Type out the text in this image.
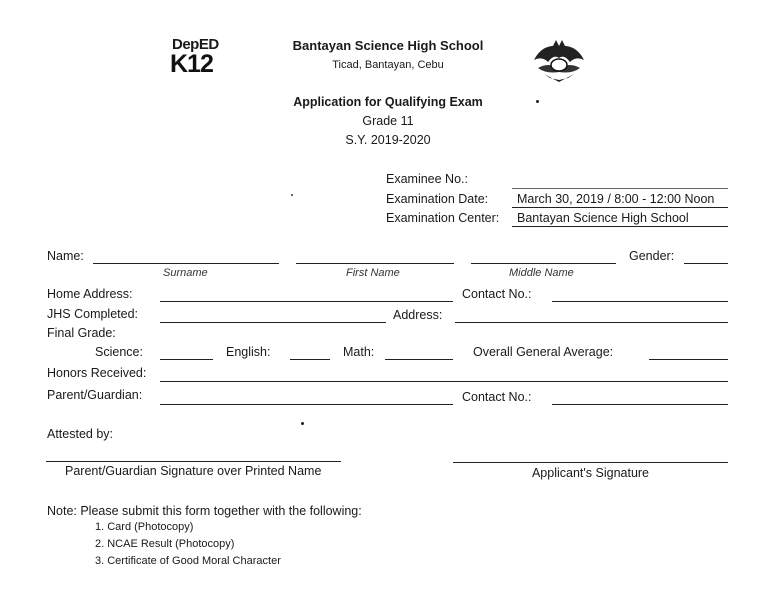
DepED
K12
Bantayan Science High School
Ticad, Bantayan, Cebu
Application for Qualifying Exam
Grade 11
S.Y. 2019-2020
Examinee No.:
Examination Date: March 30, 2019 / 8:00 - 12:00 Noon
Examination Center: Bantayan Science High School
Name:	Gender:
Surname	First Name	Middle Name
Home Address:	Contact No.:
JHS Completed:	Address:
Final Grade:
Science:	English:	Math:	Overall General Average:
Honors Received:
Parent/Guardian:	Contact No.:
Attested by:
Parent/Guardian Signature over Printed Name	Applicant's Signature
Note: Please submit this form together with the following:
1. Card (Photocopy)
2. NCAE Result (Photocopy)
3. Certificate of Good Moral Character
